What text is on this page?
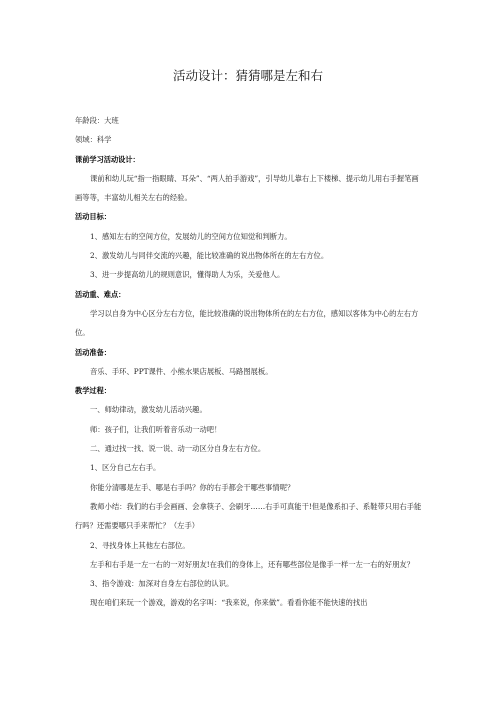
活动设计：猜猜哪是左和右

年龄段：大班

领域：科学

课前学习活动设计：

课前和幼儿玩“指一指眼睛、耳朵”、“两人拍手游戏”，引导幼儿靠右上下楼梯、提示幼儿用右手握笔画画等等，丰富幼儿相关左右的经验。

活动目标：

1、感知左右的空间方位，发展幼儿的空间方位知觉和判断力。

2、激发幼儿与同伴交流的兴趣，能比较准确的说出物体所在的左右方位。

3、进一步提高幼儿的规则意识，懂得助人为乐，关爱他人。

活动重、难点：

学习以自身为中心区分左右方位，能比较准确的说出物体所在的左右方位，感知以客体为中心的左右方位。

活动准备：

音乐、手环、PPT课件、小熊水果店展板、马路图展板。

教学过程：

一、师幼律动，激发幼儿活动兴趣。

师：孩子们，让我们听着音乐动一动吧！

二、通过找一找、说一说、动一动区分自身左右方位。

1、区分自己左右手。

你能分清哪是左手、哪是右手吗？你的右手都会干哪些事情呢？

教师小结：我们的右手会画画、会拿筷子、会刷牙……右手可真能干!但是像系扣子、系鞋带只用右手能行吗？还需要哪只手来帮忙？（左手）

2、寻找身体上其他左右部位。

左手和右手是一左一右的一对好朋友!在我们的身体上，还有哪些部位是像手一样一左一右的好朋友？

3、指令游戏：加深对自身左右部位的认识。

现在咱们来玩一个游戏，游戏的名字叫：“我来说，你来做”。看看你能不能快速的找出
